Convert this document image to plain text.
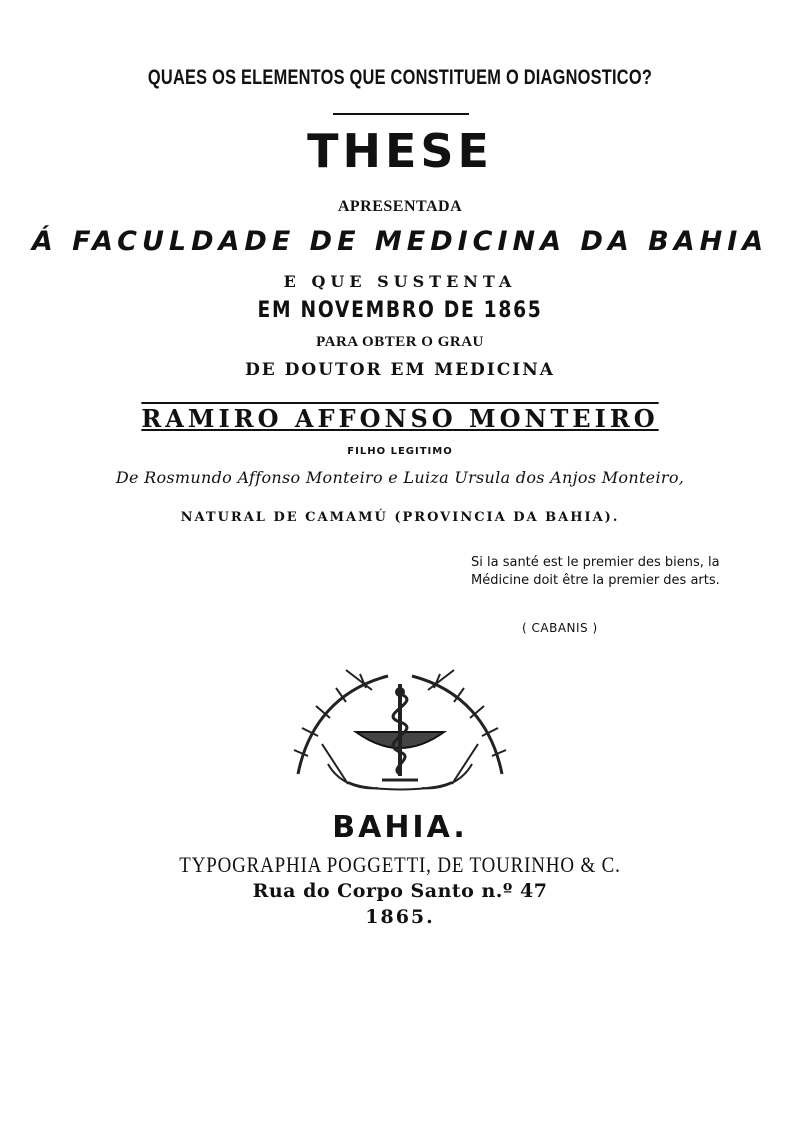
QUAES OS ELEMENTOS QUE CONSTITUEM O DIAGNOSTICO?
THESE
APRESENTADA
Á FACULDADE DE MEDICINA DA BAHIA
E QUE SUSTENTA
EM NOVEMBRO DE 1865
PARA OBTER O GRAU
DE DOUTOR EM MEDICINA
RAMIRO AFFONSO MONTEIRO
FILHO LEGITIMO
De Rosmundo Affonso Monteiro e Luiza Ursula dos Anjos Monteiro,
NATURAL DE CAMAMÚ (PROVINCIA DA BAHIA).
Si la santé est le premier des biens, la Médicine doit être la premier des arts.
( CABANIS )
BAHIA.
TYPOGRAPHIA POGGETTI, DE TOURINHO & C.
Rua do Corpo Santo n.º 47
1865.
